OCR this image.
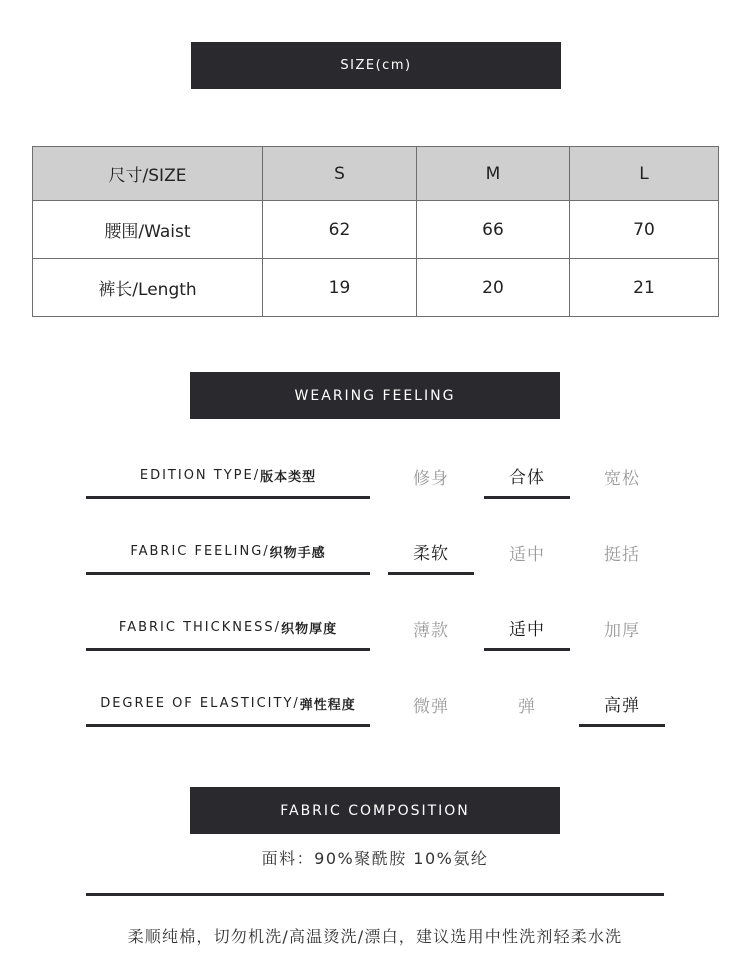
SIZE(cm)
尺寸/SIZE	S	M	L
腰围/Waist	62	66	70
裤长/Length	19	20	21
WEARING FEELING
EDITION TYPE/ 版本类型	修身	合体	宽松
FABRIC FEELING/ 织物手感	柔软	适中	挺括
FABRIC THICKNESS/ 织物厚度	薄款	适中	加厚
DEGREE OF ELASTICITY/ 弹性程度	微弹	弹	高弹
FABRIC COMPOSITION
面料：90%聚酰胺 10%氨纶
柔顺纯棉，切勿机洗/高温烫洗/漂白，建议选用中性洗剂轻柔水洗
